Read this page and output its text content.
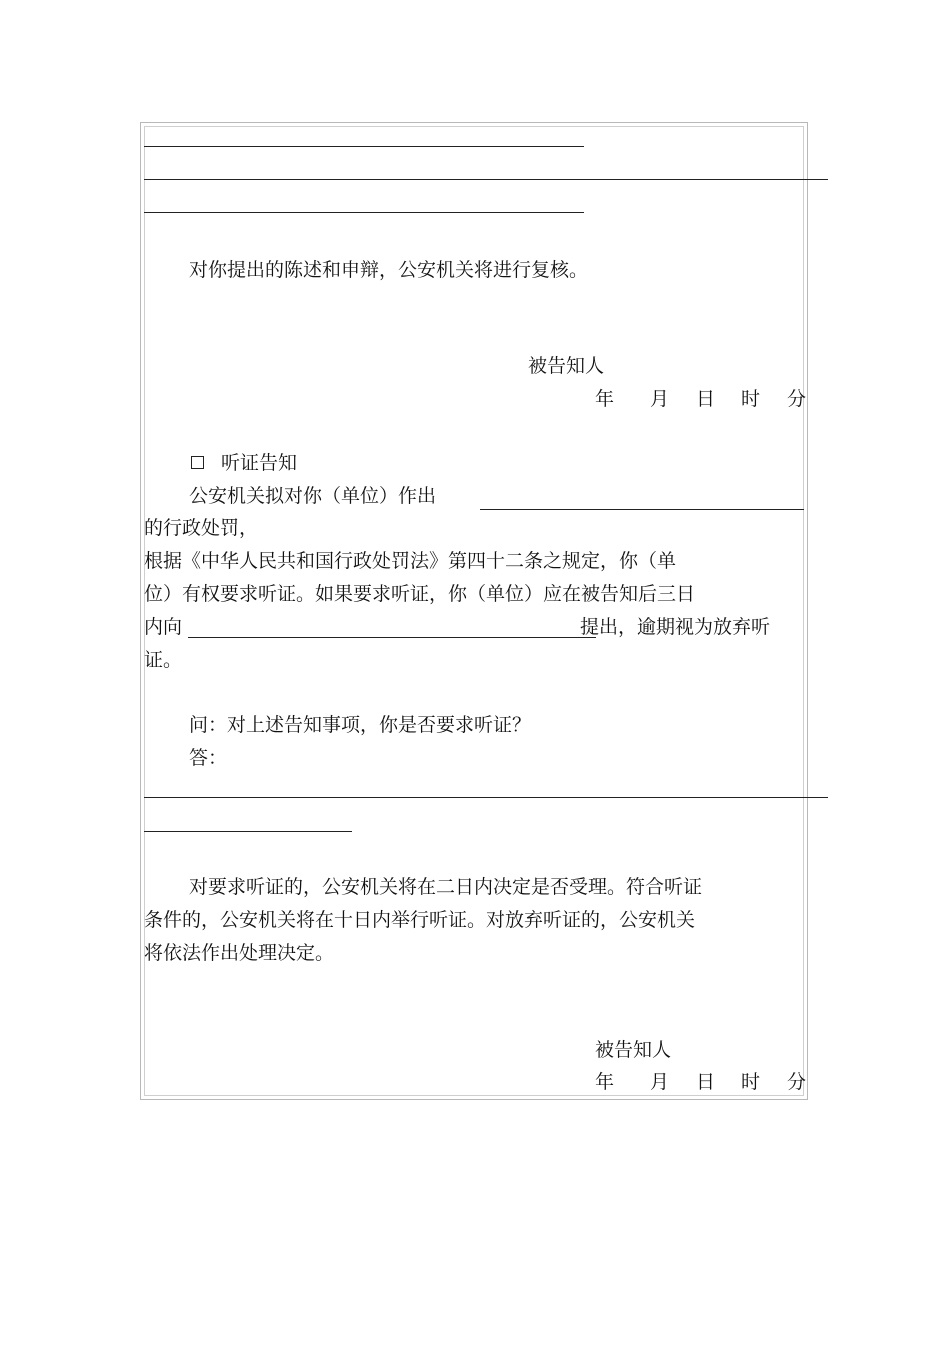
对你提出的陈述和申辩，公安机关将进行复核。
被告知人
年 月 日 时 分
听证告知
公安机关拟对你（单位）作出
的行政处罚，
根据《中华人民共和国行政处罚法》第四十二条之规定，你（单
位）有权要求听证。如果要求听证，你（单位）应在被告知后三日
内向	提出，逾期视为放弃听
证。
问：对上述告知事项，你是否要求听证？
答：
对要求听证的，公安机关将在二日内决定是否受理。符合听证
条件的，公安机关将在十日内举行听证。对放弃听证的，公安机关
将依法作出处理决定。
被告知人
年 月 日 时 分
